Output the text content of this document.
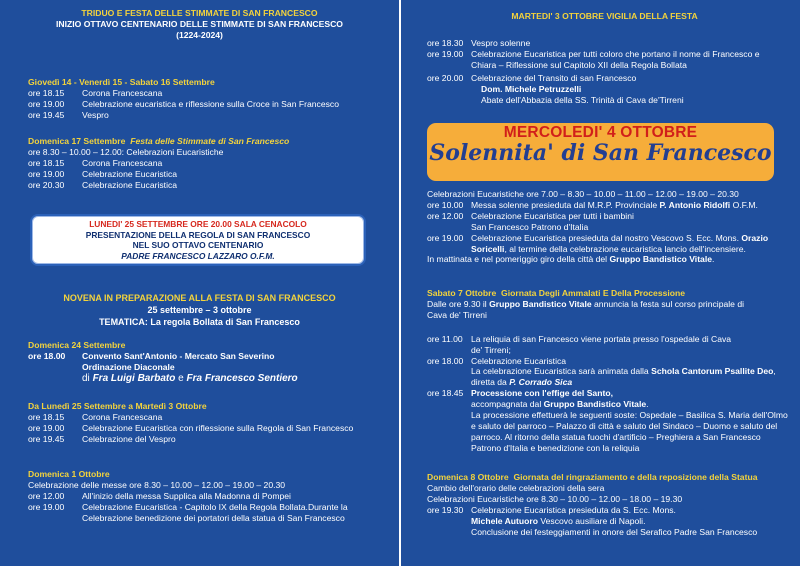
TRIDUO E FESTA DELLE STIMMATE DI SAN FRANCESCO
INIZIO OTTAVO CENTENARIO DELLE STIMMATE DI SAN FRANCESCO
(1224-2024)
Giovedì 14 - Venerdì 15 - Sabato 16 Settembre
ore 18.15	Corona Francescana
ore 19.00	Celebrazione eucaristica e riflessione sulla Croce in San Francesco
ore 19.45	Vespro
Domenica 17 Settembre Festa delle Stimmate di San Francesco
ore 8.30 – 10.00 – 12.00: Celebrazioni Eucaristiche
ore 18.15	Corona Francescana
ore 19.00	Celebrazione Eucaristica
ore 20.30	Celebrazione Eucaristica
LUNEDI' 25 SETTEMBRE ORE 20.00 SALA CENACOLO
PRESENTAZIONE DELLA REGOLA DI SAN FRANCESCO
NEL SUO OTTAVO CENTENARIO
PADRE FRANCESCO LAZZARO O.F.M.
NOVENA IN PREPARAZIONE ALLA FESTA DI SAN FRANCESCO
25 settembre – 3 ottobre
TEMATICA: La regola Bollata di San Francesco
Domenica 24 Settembre
ore 18.00	Convento Sant'Antonio - Mercato San Severino
Ordinazione Diaconale
di Fra Luigi Barbato e Fra Francesco Sentiero
Da Lunedì 25 Settembre a Martedì 3 Ottobre
ore 18.15	Corona Francescana
ore 19.00	Celebrazione Eucaristica con riflessione sulla Regola di San Francesco
ore 19.45	Celebrazione del Vespro
Domenica 1 Ottobre
Celebrazione delle messe ore 8.30 – 10.00 – 12.00 – 19.00 – 20.30
ore 12.00	All'inizio della messa Supplica alla Madonna di Pompei
ore 19.00	Celebrazione Eucaristica - Capitolo IX della Regola Bollata.Durante la Celebrazione benedizione dei portatori della statua di San Francesco
MARTEDI' 3 OTTOBRE VIGILIA DELLA FESTA
ore 18.30 Vespro solenne
ore 19.00 Celebrazione Eucaristica per tutti coloro che portano il nome di Francesco e Chiara – Riflessione sul Capitolo XII della Regola Bollata
ore 20.00 Celebrazione del Transito di san Francesco
Dom. Michele Petruzzelli
Abate dell'Abbazia della SS. Trinità di Cava de'Tirreni
MERCOLEDI' 4 OTTOBRE
Solennita' di San Francesco
Celebrazioni Eucaristiche ore 7.00 – 8.30 – 10.00 – 11.00 – 12.00 – 19.00 – 20.30
ore 10.00 Messa solenne presieduta dal M.R.P. Provinciale P. Antonio Ridolfi O.F.M.
ore 12.00 Celebrazione Eucaristica per tutti i bambini
San Francesco Patrono d'Italia
ore 19.00 Celebrazione Eucaristica presieduta dal nostro Vescovo S. Ecc. Mons. Orazio Soricelli, al termine della celebrazione eucaristica lancio dell'incensiere.
In mattinata e nel pomeriggio giro della città del Gruppo Bandistico Vitale.
Sabato 7 Ottobre Giornata Degli Ammalati E Della Processione
Dalle ore 9.30 il Gruppo Bandistico Vitale annuncia la festa sul corso principale di Cava de' Tirreni
ore 11.00 La reliquia di san Francesco viene portata presso l'ospedale di Cava de' Tirreni;
ore 18.00 Celebrazione Eucaristica
La celebrazione Eucaristica sarà animata dalla Schola Cantorum Psallite Deo, diretta da P. Corrado Sica
ore 18.45 Processione con l'effige del Santo,
accompagnata dal Gruppo Bandistico Vitale.
La processione effettuerà le seguenti soste: Ospedale – Basilica S. Maria dell'Olmo e saluto del parroco – Palazzo di città e saluto del Sindaco – Duomo e saluto del parroco. Al ritorno della statua fuochi d'artificio – Preghiera a San Francesco Patrono d'Italia e benedizione con la reliquia
Domenica 8 Ottobre Giornata del ringraziamento e della reposizione della Statua
Cambio dell'orario delle celebrazioni della sera
Celebrazioni Eucaristiche ore 8.30 – 10.00 – 12.00 – 18.00 – 19.30
ore 19.30 Celebrazione Eucaristica presieduta da S. Ecc. Mons.
Michele Autuoro Vescovo ausiliare di Napoli.
Conclusione dei festeggiamenti in onore del Serafico Padre San Francesco
